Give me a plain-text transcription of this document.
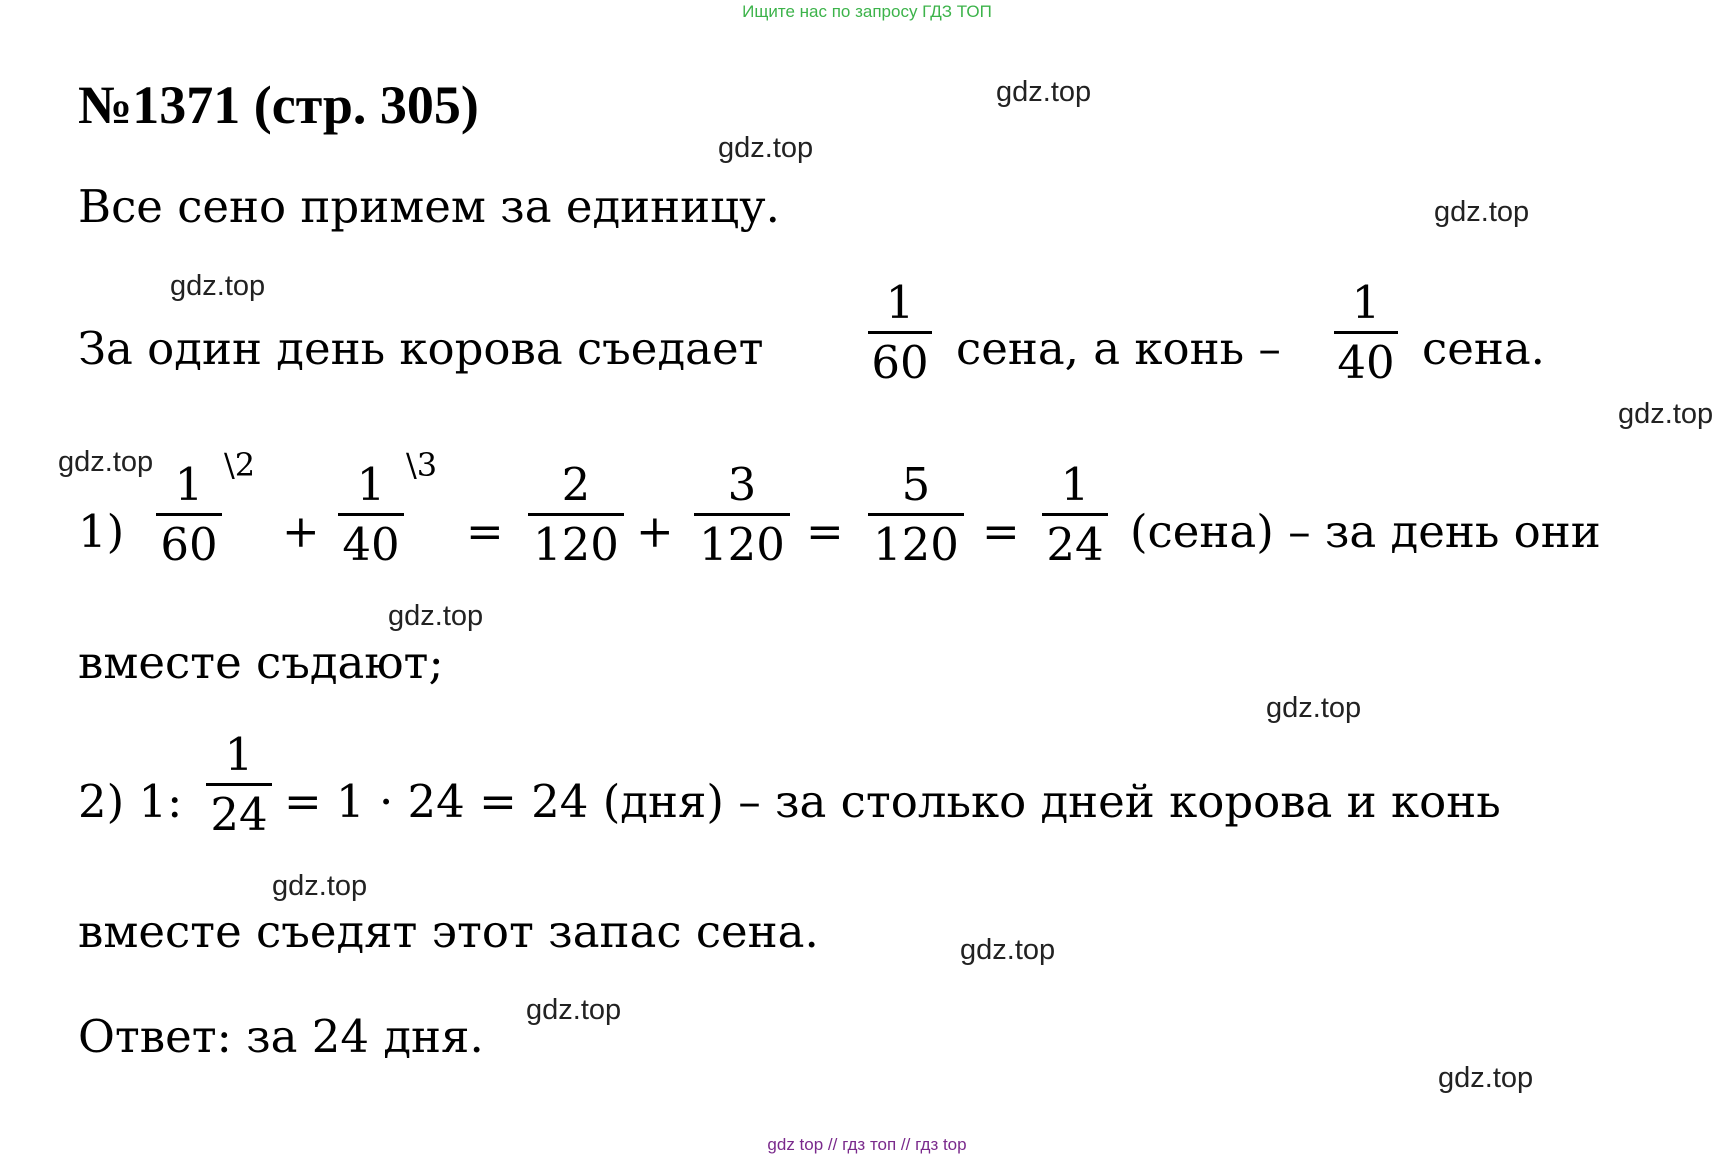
Ищите нас по запросу ГДЗ ТОП
№1371 (стр. 305)
Все сено примем за единицу.
За один день корова съедает
1
60 сена, а конь –
1
40 сена.
1)
1
60
\2
+
1
40
\3
=
2
120 +
3
120 =
5
120 =
1
24 (сена) – за день они
вместе съдают;
2) 1:
1
24 = 1 · 24 = 24 (дня) – за столько дней корова и конь
вместе съедят этот запас сена.
Ответ: за 24 дня.
gdz.top
gdz.top
gdz.top
gdz.top
gdz.top
gdz.top
gdz.top
gdz.top
gdz.top
gdz.top
gdz.top
gdz.top
gdz top // гдз топ // гдз top
